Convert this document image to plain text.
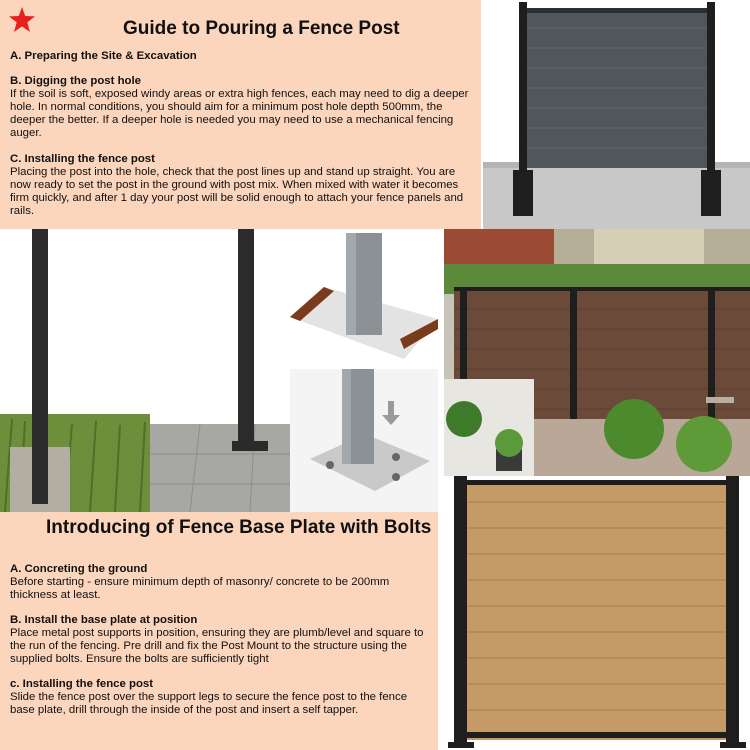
Guide to Pouring a Fence Post
A. Preparing the Site & Excavation
B. Digging the post hole
If the soil is soft, exposed windy areas or extra high fences, each may need to dig a deeper hole. In normal conditions, you should aim for a minimum post hole depth 500mm, the deeper the better. If a deeper hole is needed you may need to use a mechanical fencing auger.
C. Installing the fence post
Placing the post into the hole, check that the post lines up and stand up straight. You are now ready to set the post in the ground with post mix. When mixed with water it becomes firm quickly, and after 1 day your post will be solid enough to attach your fence panels and rails.
Introducing of Fence Base Plate with Bolts
A. Concreting the ground
Before starting - ensure minimum depth of masonry/ concrete to be 200mm thickness at least.
B. Install the base plate at position
Place metal post supports in position, ensuring they are plumb/level and square to the run of the fencing. Pre drill and fix the Post Mount to the structure using the supplied bolts. Ensure the bolts are sufficiently tight
c. Installing the fence post
Slide the fence post over the support legs to secure the fence post to the fence base plate, drill through the inside of the post and insert a self tapper.
